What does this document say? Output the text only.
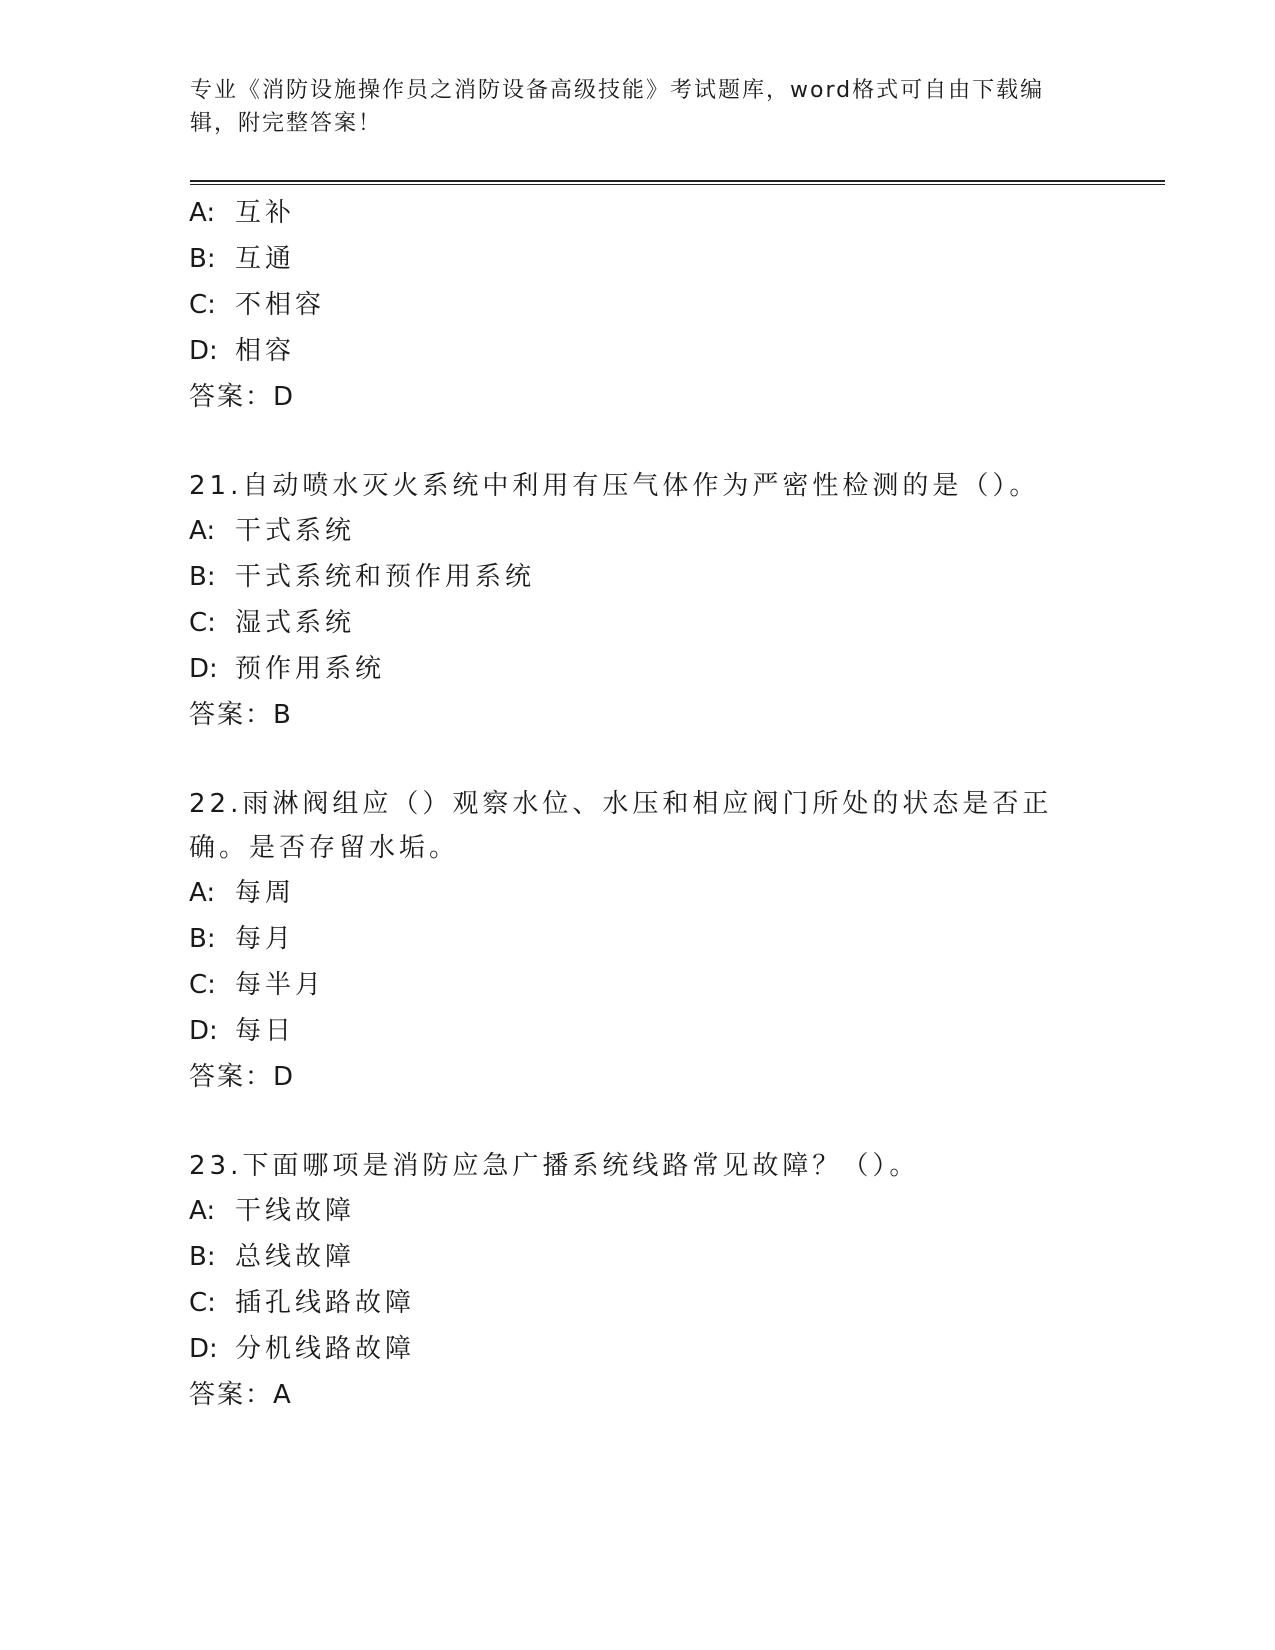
专业《消防设施操作员之消防设备高级技能》考试题库，word格式可自由下载编辑，附完整答案！
A: 互补
B: 互通
C: 不相容
D: 相容
答案：D
21.自动喷水灭火系统中利用有压气体作为严密性检测的是（）。
A: 干式系统
B: 干式系统和预作用系统
C: 湿式系统
D: 预作用系统
答案：B
22.雨淋阀组应（）观察水位、水压和相应阀门所处的状态是否正确。是否存留水垢。
A: 每周
B: 每月
C: 每半月
D: 每日
答案：D
23.下面哪项是消防应急广播系统线路常见故障？（）。
A: 干线故障
B: 总线故障
C: 插孔线路故障
D: 分机线路故障
答案：A
